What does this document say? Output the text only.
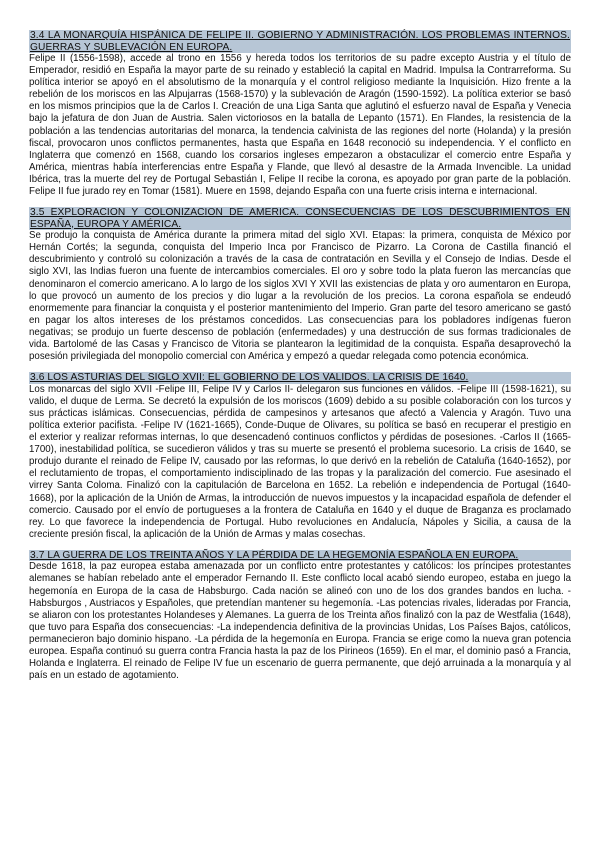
3.4 LA MONARQUÍA HISPÁNICA DE FELIPE II. GOBIERNO Y ADMINISTRACIÓN. LOS PROBLEMAS INTERNOS. GUERRAS Y SUBLEVACIÓN EN EUROPA.
Felipe II (1556-1598), accede al trono en 1556 y hereda todos los territorios de su padre excepto Austria y el título de Emperador, residió en España la mayor parte de su reinado y estableció la capital en Madrid. Impulsa la Contrarreforma. Su política interior se apoyó en el absolutismo de la monarquía y el control religioso mediante la Inquisición. Hizo frente a la rebelión de los moriscos en las Alpujarras (1568-1570) y la sublevación de Aragón (1590-1592). La política exterior se basó en los mismos principios que la de Carlos I. Creación de una Liga Santa que aglutinó el esfuerzo naval de España y Venecia bajo la jefatura de don Juan de Austria. Salen victoriosos en la batalla de Lepanto (1571). En Flandes, la resistencia de la población a las tendencias autoritarias del monarca, la tendencia calvinista de las regiones del norte (Holanda) y la presión fiscal, provocaron unos conflictos permanentes, hasta que España en 1648 reconoció su independencia. Y el conflicto en Inglaterra que comenzó en 1568, cuando los corsarios ingleses empezaron a obstaculizar el comercio entre España y América, mientras había interferencias entre España y Flande, que llevó al desastre de la Armada Invencible. La unidad Ibérica, tras la muerte del rey de Portugal Sebastián I, Felipe II recibe la corona, es apoyado por gran parte de la población. Felipe II fue jurado rey en Tomar (1581). Muere en 1598, dejando España con una fuerte crisis interna e internacional.
3.5 EXPLORACION Y COLONIZACION DE AMERICA. CONSECUENCIAS DE LOS DESCUBRIMIENTOS EN ESPAÑA, EUROPA Y AMÉRICA.
Se produjo la conquista de América durante la primera mitad del siglo XVI. Etapas: la primera, conquista de México por Hernán Cortés; la segunda, conquista del Imperio Inca por Francisco de Pizarro. La Corona de Castilla financió el descubrimiento y controló su colonización a través de la casa de contratación en Sevilla y el Consejo de Indias. Desde el siglo XVI, las Indias fueron una fuente de intercambios comerciales. El oro y sobre todo la plata fueron las mercancías que denominaron el comercio americano. A lo largo de los siglos XVI Y XVII las existencias de plata y oro aumentaron en Europa, lo que provocó un aumento de los precios y dio lugar a la revolución de los precios. La corona española se endeudó enormemente para financiar la conquista y el posterior mantenimiento del Imperio. Gran parte del tesoro americano se gastó en pagar los altos intereses de los préstamos concedidos. Las consecuencias para los pobladores indígenas fueron negativas; se produjo un fuerte descenso de población (enfermedades) y una destrucción de sus formas tradicionales de vida. Bartolomé de las Casas y Francisco de Vitoria se plantearon la legitimidad de la conquista. España desaprovechó la posesión privilegiada del monopolio comercial con América y empezó a quedar relegada como potencia económica.
3.6 LOS ASTURIAS DEL SIGLO XVII: EL GOBIERNO DE LOS VALIDOS. LA CRISIS DE 1640.
Los monarcas del siglo XVII -Felipe III, Felipe IV y Carlos II- delegaron sus funciones en válidos. -Felipe III (1598-1621), su valido, el duque de Lerma. Se decretó la expulsión de los moriscos (1609) debido a su posible colaboración con los turcos y sus prácticas islámicas. Consecuencias, pérdida de campesinos y artesanos que afectó a Valencia y Aragón. Tuvo una política exterior pacifista. -Felipe IV (1621-1665), Conde-Duque de Olivares, su política se basó en recuperar el prestigio en el exterior y realizar reformas internas, lo que desencadenó continuos conflictos y pérdidas de posesiones. -Carlos II (1665-1700), inestabilidad política, se sucedieron válidos y tras su muerte se presentó el problema sucesorio. La crisis de 1640, se produjo durante el reinado de Felipe IV, causado por las reformas, lo que derivó en la rebelión de Cataluña (1640-1652), por el reclutamiento de tropas, el comportamiento indisciplinado de las tropas y la paralización del comercio. Fue asesinado el virrey Santa Coloma. Finalizó con la capitulación de Barcelona en 1652. La rebelión e independencia de Portugal (1640-1668), por la aplicación de la Unión de Armas, la introducción de nuevos impuestos y la incapacidad española de defender el comercio. Causado por el envío de portugueses a la frontera de Cataluña en 1640 y el duque de Braganza es proclamado rey. Lo que favorece la independencia de Portugal. Hubo revoluciones en Andalucía, Nápoles y Sicilia, a causa de la creciente presión fiscal, la aplicación de la Unión de Armas y malas cosechas.
3.7 LA GUERRA DE LOS TREINTA AÑOS Y LA PÉRDIDA DE LA HEGEMONÍA ESPAÑOLA EN EUROPA.
Desde 1618, la paz europea estaba amenazada por un conflicto entre protestantes y católicos: los príncipes protestantes alemanes se habían rebelado ante el emperador Fernando II. Este conflicto local acabó siendo europeo, estaba en juego la hegemonía en Europa de la casa de Habsburgo. Cada nación se alineó con uno de los dos grandes bandos en lucha. -Habsburgos , Austriacos y Españoles, que pretendían mantener su hegemonía. -Las potencias rivales, lideradas por Francia, se aliaron con los protestantes Holandeses y Alemanes. La guerra de los Treinta años finalizó con la paz de Westfalia (1648), que tuvo para España dos consecuencias: -La independencia definitiva de la provincias Unidas, Los Países Bajos, católicos, permanecieron bajo dominio hispano. -La pérdida de la hegemonía en Europa. Francia se erige como la nueva gran potencia europea. España continuó su guerra contra Francia hasta la paz de los Pirineos (1659). En el mar, el dominio pasó a Francia, Holanda e Inglaterra. El reinado de Felipe IV fue un escenario de guerra permanente, que dejó arruinada a la monarquía y al país en un estado de agotamiento.
